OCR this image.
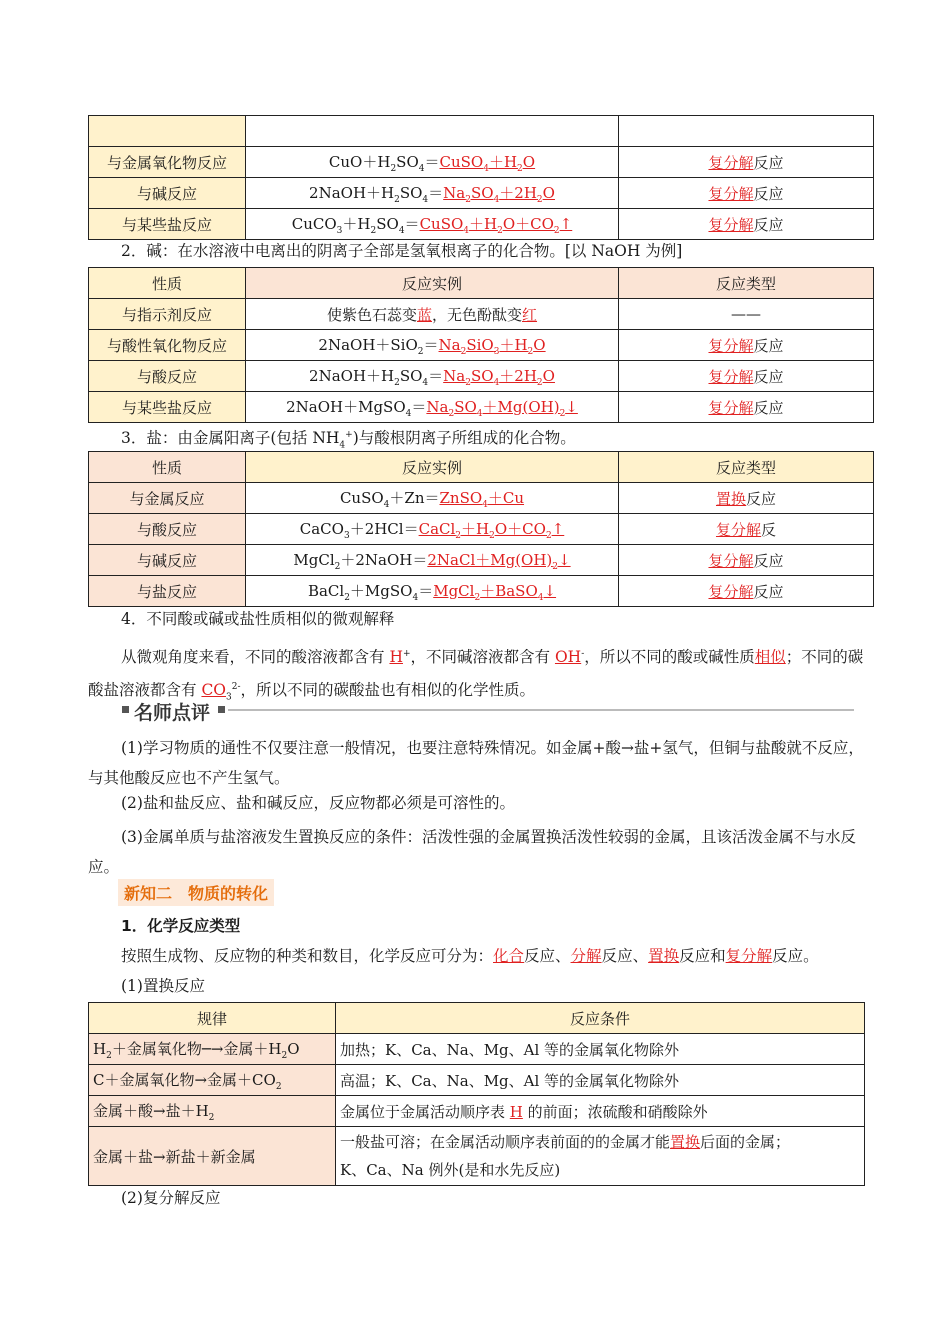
与金属氧化物反应	$CuO+H_2SO_4=CuSO_4+H_2O$	复分解反应
与碱反应	$2NaOH+H_2SO_4=Na_2SO_4+2H_2O$	复分解反应
与某些盐反应	$CuCO_3+H_2SO_4=CuSO_4+H_2O+CO_2↑$	复分解反应
2．碱：在水溶液中电离出的阴离子全部是氢氧根离子的化合物。[以 NaOH 为例]
性质	反应实例	反应类型
与指示剂反应	使紫色石蕊变蓝，无色酚酞变红	——
与酸性氧化物反应	$2NaOH+SiO_2=Na_2SiO_3+H_2O$	复分解反应
与酸反应	$2NaOH+H_2SO_4=Na_2SO_4+2H_2O$	复分解反应
与某些盐反应	$2NaOH+MgSO_4=Na_2SO_4+Mg(OH)_2↓$	复分解反应
3．盐：由金属阳离子(包括 $NH_4^+$)与酸根阴离子所组成的化合物。
性质	反应实例	反应类型
与金属反应	CuSO$_4$＋Zn＝ZnSO$_4$＋Cu	置换反应
与酸反应	$CaCO_3+2HCl=CaCl_2+H_2O+CO_2↑$	复分解反
与碱反应	$MgCl_2+2NaOH=2NaCl+Mg(OH)_2↓$	复分解反应
与盐反应	BaCl$_2$＋MgSO$_4$＝MgCl$_2$＋BaSO$_4$↓	复分解反应
4．不同酸或碱或盐性质相似的微观解释
从微观角度来看，不同的酸溶液都含有 H+，不同碱溶液都含有 OH-，所以不同的酸或碱性质相似；不同的碳酸盐溶液都含有 $CO_3^{2-}$，所以不同的碳酸盐也有相似的化学性质。
名师点评
(1)学习物质的通性不仅要注意一般情况，也要注意特殊情况。如金属+酸→盐+氢气，但铜与盐酸就不反应，与其他酸反应也不产生氢气。
(2)盐和盐反应、盐和碱反应，反应物都必须是可溶性的。
(3)金属单质与盐溶液发生置换反应的条件：活泼性强的金属置换活泼性较弱的金属，且该活泼金属不与水反应。
新知二　物质的转化
1．化学反应类型
按照生成物、反应物的种类和数目，化学反应可分为：化合反应、分解反应、置换反应和复分解反应。
(1)置换反应
规律	反应条件
$H_2+$金属氧化物─→金属$+H_2O$	加热；K、Ca、Na、Mg、Al 等的金属氧化物除外
C＋金属氧化物→金属$+CO_2$	高温；K、Ca、Na、Mg、Al 等的金属氧化物除外
金属＋酸→盐$+H_2$	金属位于金属活动顺序表 H 的前面；浓硫酸和硝酸除外
金属＋盐→新盐＋新金属	一般盐可溶；在金属活动顺序表前面的的金属才能置换后面的金属；
K、Ca、Na 例外(是和水先反应)
(2)复分解反应
